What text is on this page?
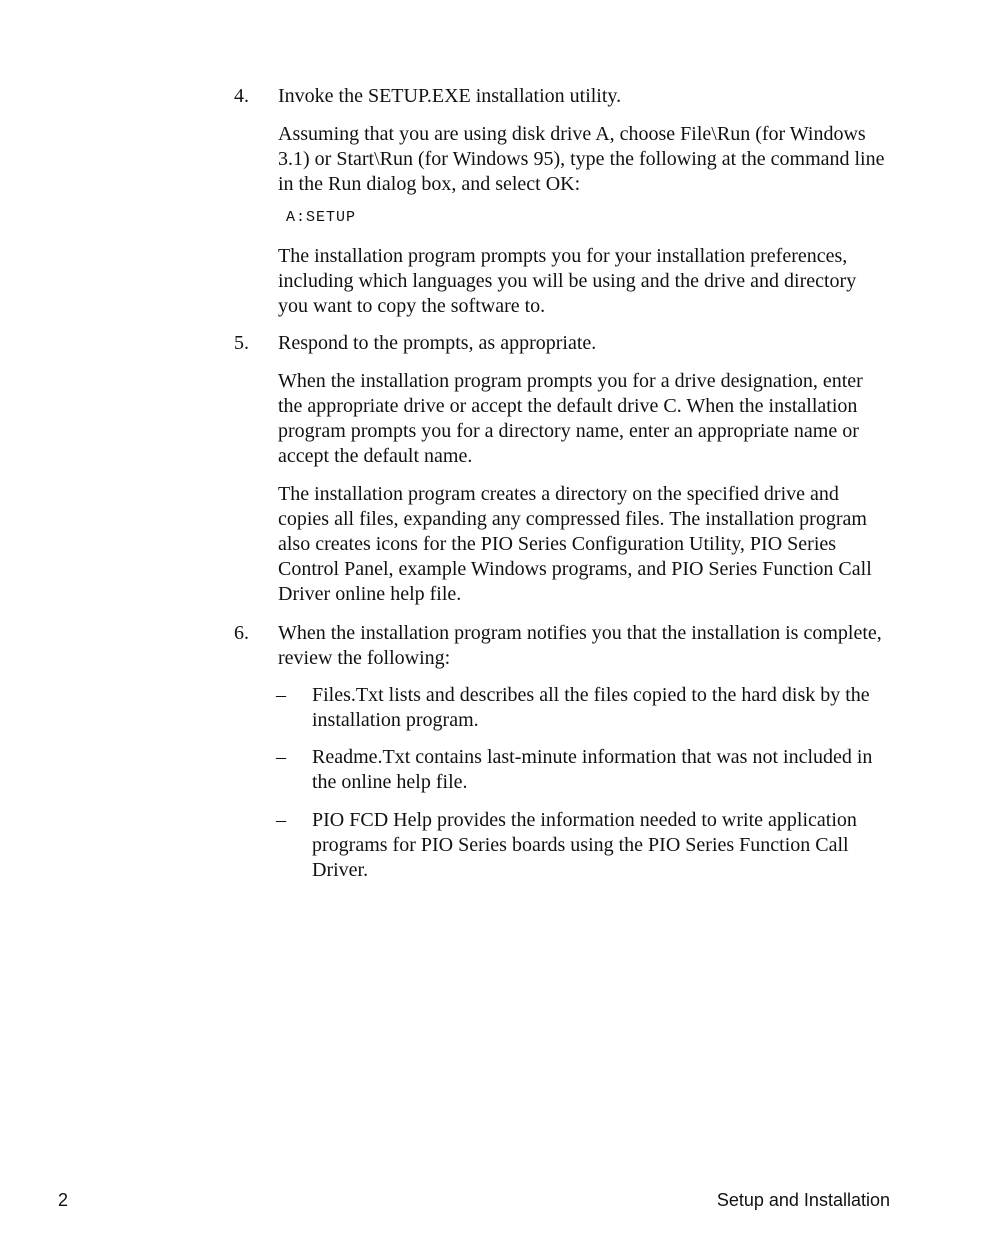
4.	Invoke the SETUP.EXE installation utility.
Assuming that you are using disk drive A, choose File\Run (for Windows 3.1) or Start\Run (for Windows 95), type the following at the command line in the Run dialog box, and select OK:
A:SETUP
The installation program prompts you for your installation preferences, including which languages you will be using and the drive and directory you want to copy the software to.
5.	Respond to the prompts, as appropriate.
When the installation program prompts you for a drive designation, enter the appropriate drive or accept the default drive C. When the installation program prompts you for a directory name, enter an appropriate name or accept the default name.
The installation program creates a directory on the specified drive and copies all files, expanding any compressed files. The installation program also creates icons for the PIO Series Configuration Utility, PIO Series Control Panel, example Windows programs, and PIO Series Function Call Driver online help file.
6.	When the installation program notifies you that the installation is complete, review the following:
–	Files.Txt lists and describes all the files copied to the hard disk by the installation program.
–	Readme.Txt contains last-minute information that was not included in the online help file.
–	PIO FCD Help provides the information needed to write application programs for PIO Series boards using the PIO Series Function Call Driver.
2	Setup and Installation
